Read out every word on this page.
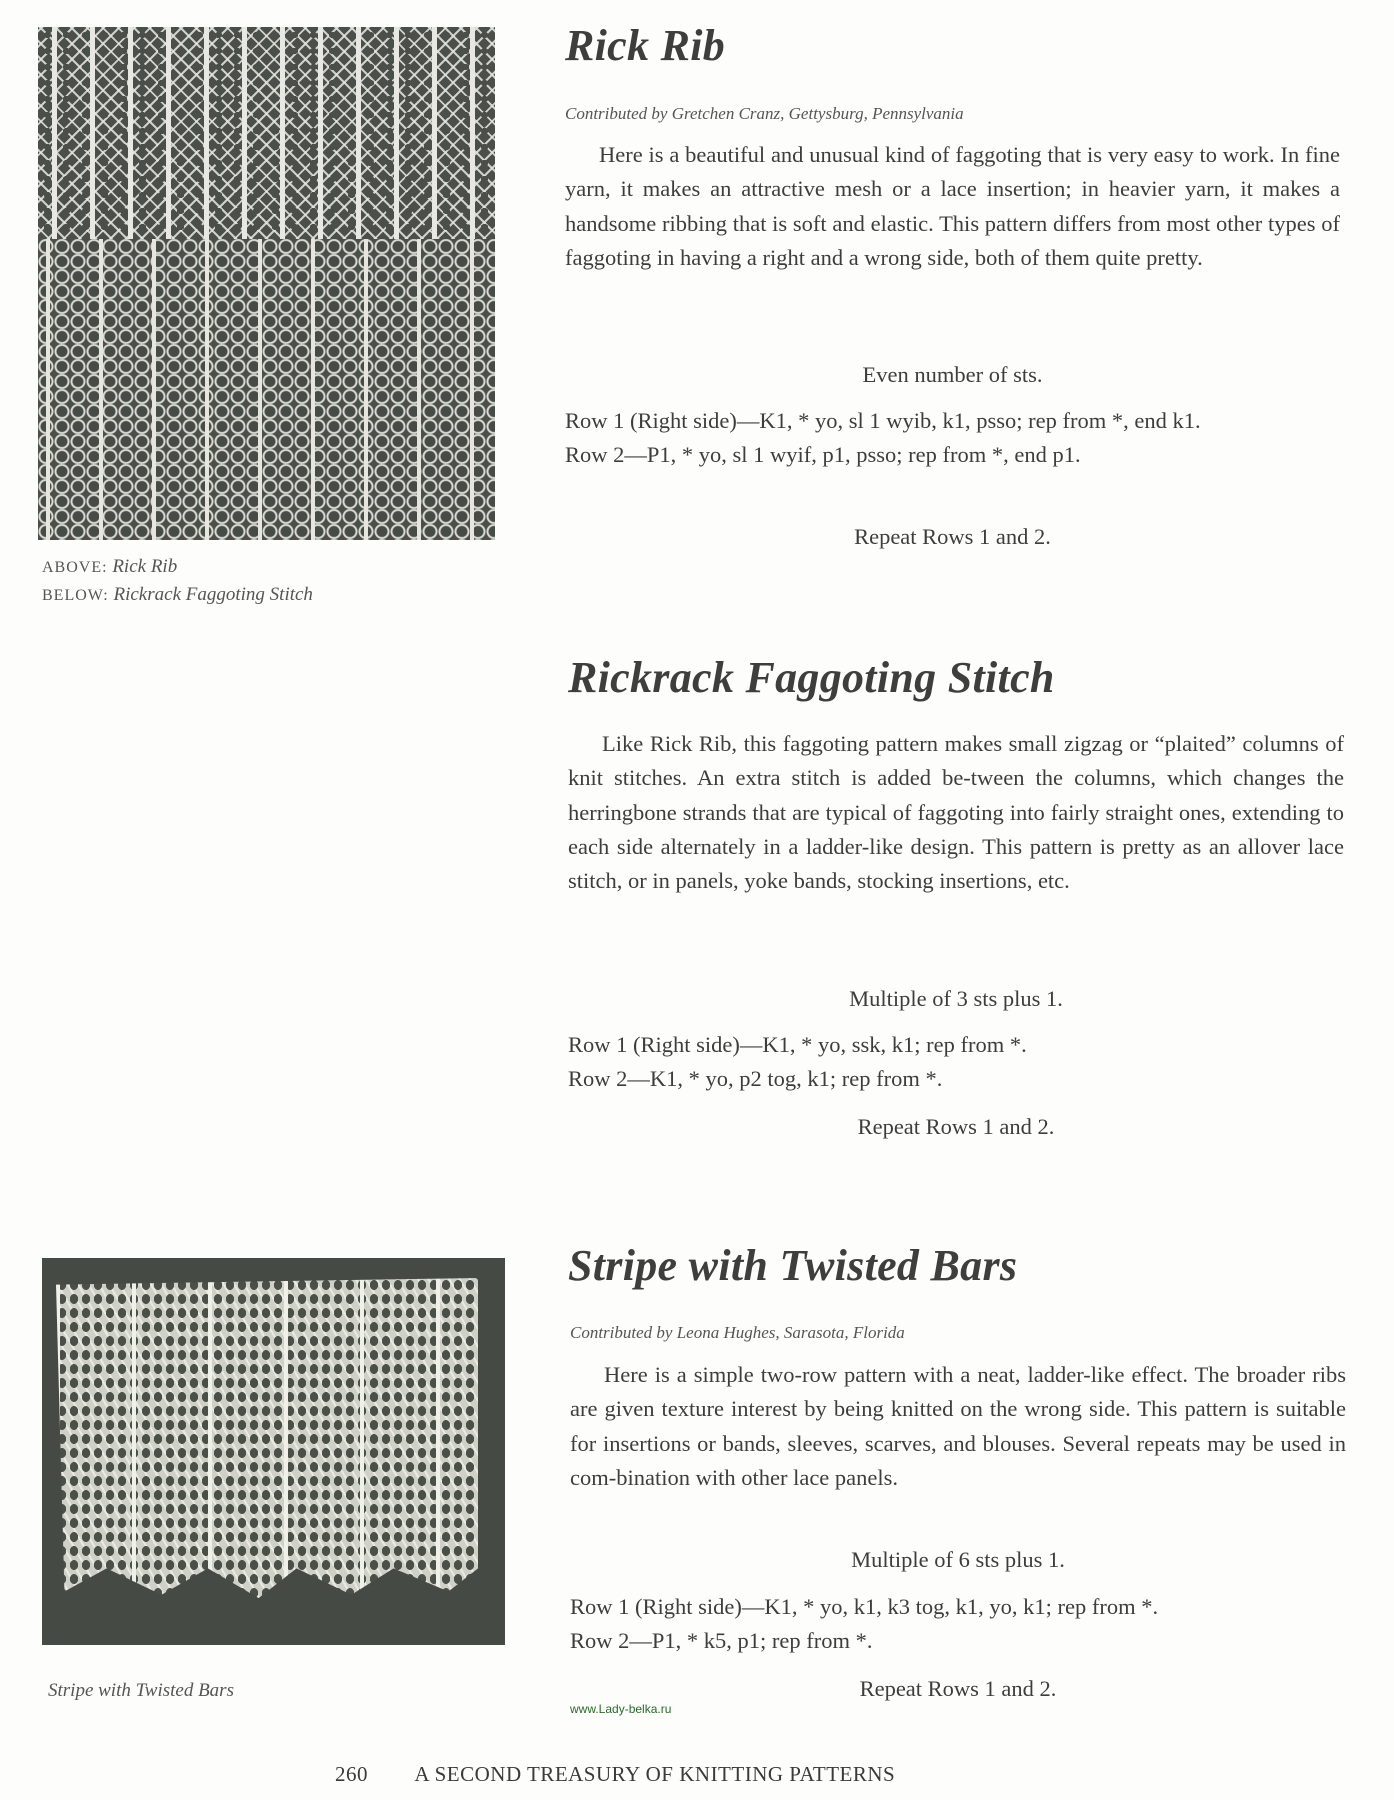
ABOVE: Rick Rib
BELOW: Rickrack Faggoting Stitch
Rick Rib
Contributed by Gretchen Cranz, Gettysburg, Pennsylvania
Here is a beautiful and unusual kind of faggoting that is very easy to work. In fine yarn, it makes an attractive mesh or a lace insertion; in heavier yarn, it makes a handsome ribbing that is soft and elastic. This pattern differs from most other types of faggoting in having a right and a wrong side, both of them quite pretty.
Even number of sts.
Row 1 (Right side)—K1, * yo, sl 1 wyib, k1, psso; rep from *, end k1.
Row 2—P1, * yo, sl 1 wyif, p1, psso; rep from *, end p1.
Repeat Rows 1 and 2.
Rickrack Faggoting Stitch
Like Rick Rib, this faggoting pattern makes small zigzag or “plaited” columns of knit stitches. An extra stitch is added be-tween the columns, which changes the herringbone strands that are typical of faggoting into fairly straight ones, extending to each side alternately in a ladder-like design. This pattern is pretty as an allover lace stitch, or in panels, yoke bands, stocking insertions, etc.
Multiple of 3 sts plus 1.
Row 1 (Right side)—K1, * yo, ssk, k1; rep from *.
Row 2—K1, * yo, p2 tog, k1; rep from *.
Repeat Rows 1 and 2.
Stripe with Twisted Bars
Stripe with Twisted Bars
Contributed by Leona Hughes, Sarasota, Florida
Here is a simple two-row pattern with a neat, ladder-like effect. The broader ribs are given texture interest by being knitted on the wrong side. This pattern is suitable for insertions or bands, sleeves, scarves, and blouses. Several repeats may be used in com-bination with other lace panels.
Multiple of 6 sts plus 1.
Row 1 (Right side)—K1, * yo, k1, k3 tog, k1, yo, k1; rep from *.
Row 2—P1, * k5, p1; rep from *.
Repeat Rows 1 and 2.
www.Lady-belka.ru
260 A SECOND TREASURY OF KNITTING PATTERNS
